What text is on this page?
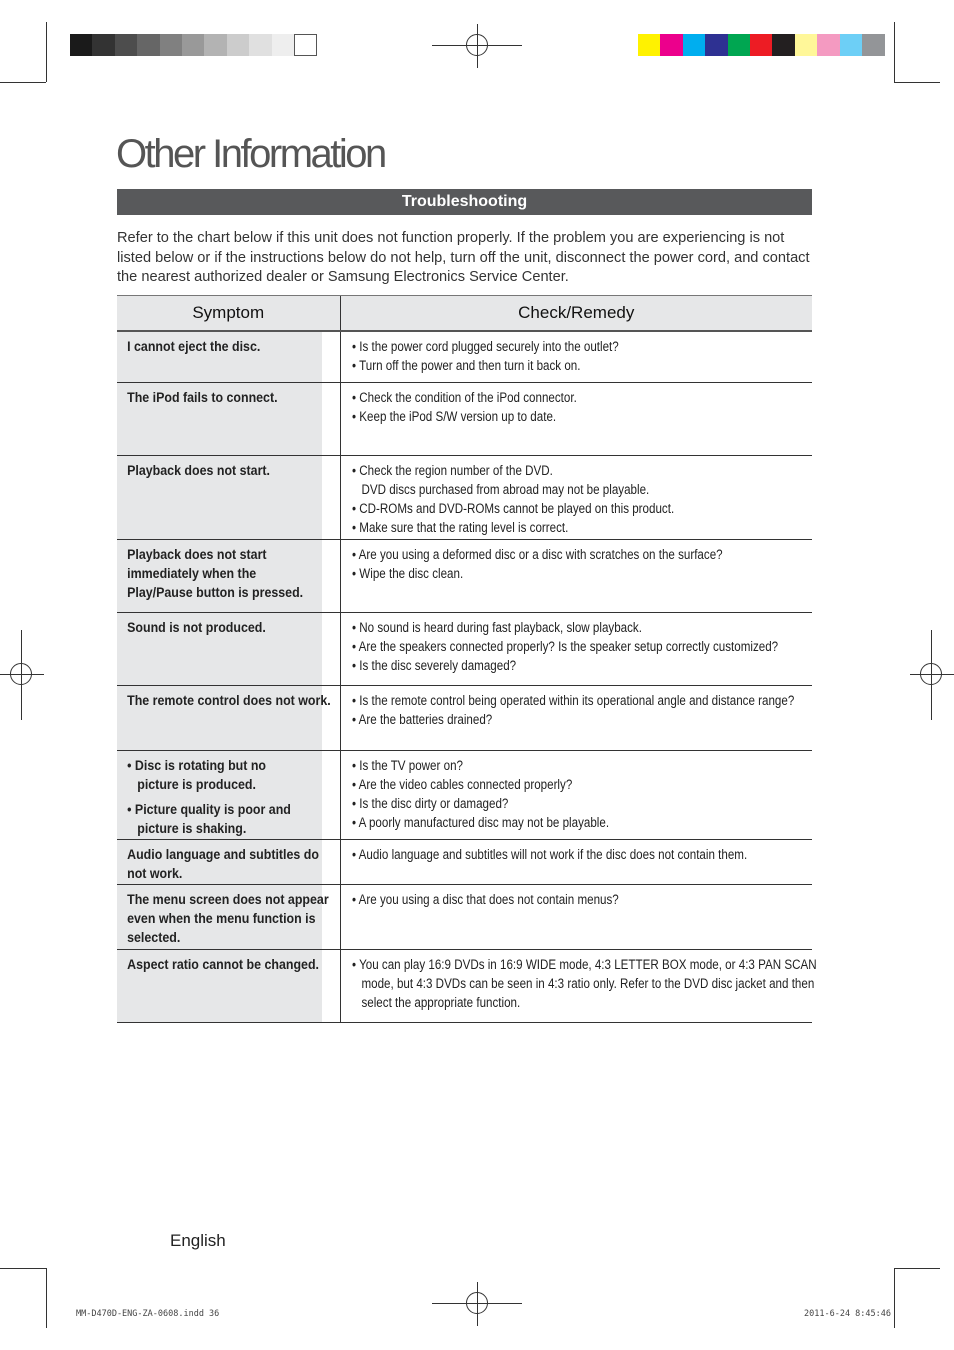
Other Information
Troubleshooting
Refer to the chart below if this unit does not function properly. If the problem you are experiencing is not listed below or if the instructions below do not help, turn off the unit, disconnect the power cord, and contact the nearest authorized dealer or Samsung Electronics Service Center.
Symptom	Check/Remedy

I cannot eject the disc.	• Is the power cord plugged securely into the outlet?
• Turn off the power and then turn it back on.

The iPod fails to connect.	• Check the condition of the iPod connector.
• Keep the iPod S/W version up to date.

Playback does not start.	• Check the region number of the DVD.
DVD discs purchased from abroad may not be playable.
• CD-ROMs and DVD-ROMs cannot be played on this product.
• Make sure that the rating level is correct.

Playback does not start
immediately when the
Play/Pause button is pressed.	• Are you using a deformed disc or a disc with scratches on the surface?
• Wipe the disc clean.

Sound is not produced.	• No sound is heard during fast playback, slow playback.
• Are the speakers connected properly? Is the speaker setup correctly customized?
• Is the disc severely damaged?

The remote control does not work.	• Is the remote control being operated within its operational angle and distance range?
• Are the batteries drained?

• Disc is rotating but no
picture is produced.
• Picture quality is poor and
picture is shaking.	• Is the TV power on?
• Are the video cables connected properly?
• Is the disc dirty or damaged?
• A poorly manufactured disc may not be playable.

Audio language and subtitles do
not work.	• Audio language and subtitles will not work if the disc does not contain them.

The menu screen does not appear
even when the menu function is
selected.	• Are you using a disc that does not contain menus?

Aspect ratio cannot be changed.	• You can play 16:9 DVDs in 16:9 WIDE mode, 4:3 LETTER BOX mode, or 4:3 PAN SCAN mode, but 4:3 DVDs can be seen in 4:3 ratio only. Refer to the DVD disc jacket and then select the appropriate function.
English
MM-D470D-ENG-ZA-0608.indd 36	2011-6-24 8:45:46
